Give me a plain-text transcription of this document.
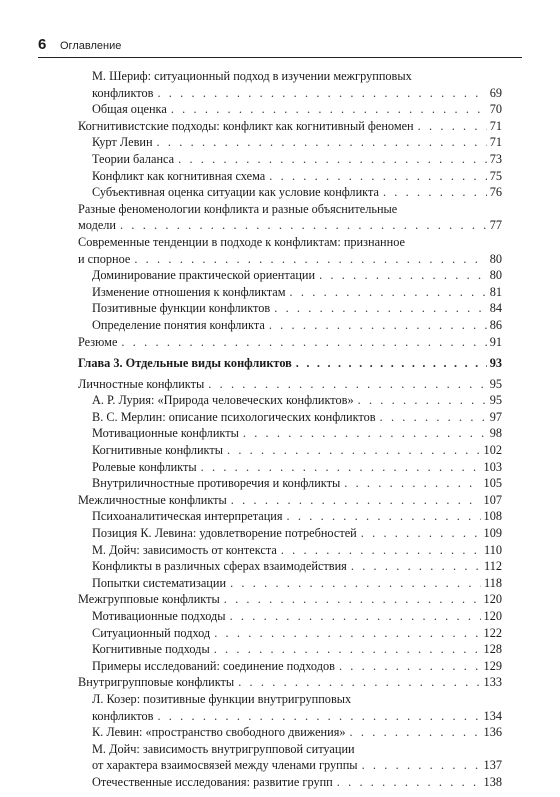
6 Оглавление
М. Шериф: ситуационный подход в изучении межгрупповых
конфликтов . . .	69
Общая оценка . . .	70
Когнитивистские подходы: конфликт как когнитивный феномен . . .	71
Курт Левин . . .	71
Теории баланса . . .	73
Конфликт как когнитивная схема . . .	75
Субъективная оценка ситуации как условие конфликта . . .	76
Разные феноменологии конфликта и разные объяснительные
модели . . .	77
Современные тенденции в подходе к конфликтам: признанное
и спорное . . .	80
Доминирование практической ориентации . . .	80
Изменение отношения к конфликтам . . .	81
Позитивные функции конфликтов . . .	84
Определение понятия конфликта . . .	86
Резюме . . .	91
Глава 3. Отдельные виды конфликтов . . .	93
Личностные конфликты . . .	95
А. Р. Лурия: «Природа человеческих конфликтов» . . .	95
В. С. Мерлин: описание психологических конфликтов . . .	97
Мотивационные конфликты . . .	98
Когнитивные конфликты . . .	102
Ролевые конфликты . . .	103
Внутриличностные противоречия и конфликты . . .	105
Межличностные конфликты . . .	107
Психоаналитическая интерпретация . . .	108
Позиция К. Левина: удовлетворение потребностей . . .	109
М. Дойч: зависимость от контекста . . .	110
Конфликты в различных сферах взаимодействия . . .	112
Попытки систематизации . . .	118
Межгрупповые конфликты . . .	120
Мотивационные подходы . . .	120
Ситуационный подход . . .	122
Когнитивные подходы . . .	128
Примеры исследований: соединение подходов . . .	129
Внутригрупповые конфликты . . .	133
Л. Козер: позитивные функции внутригрупповых
конфликтов . . .	134
К. Левин: «пространство свободного движения» . . .	136
М. Дойч: зависимость внутригрупповой ситуации
от характера взаимосвязей между членами группы . . .	137
Отечественные исследования: развитие групп . . .	138
